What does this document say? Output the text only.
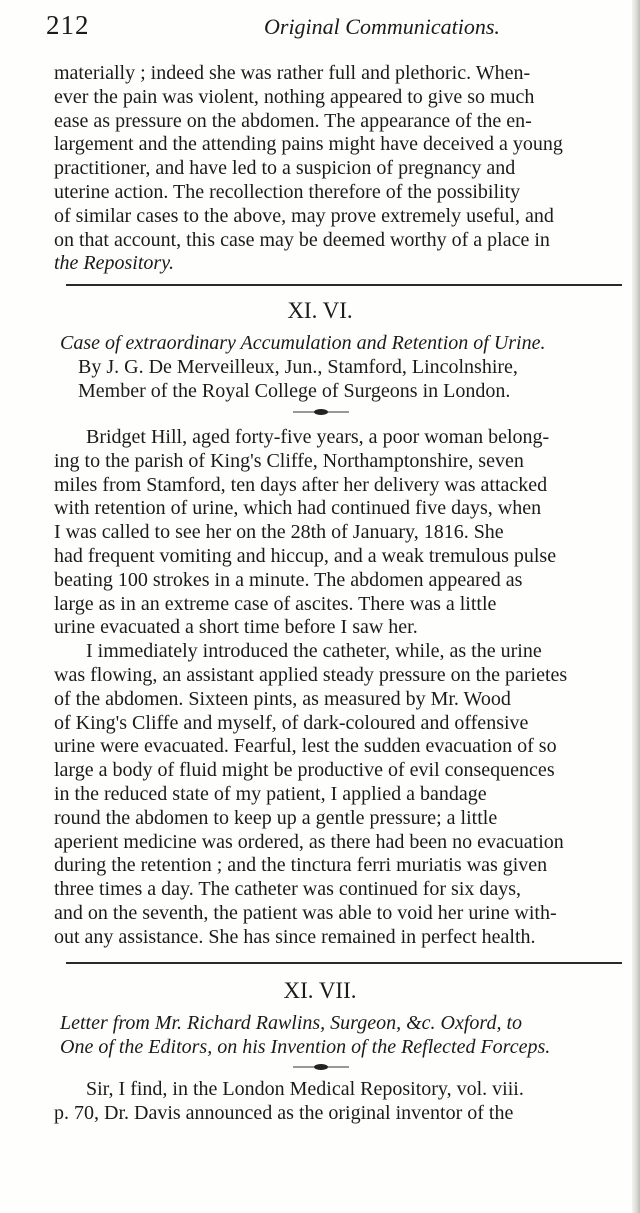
212	Original Communications.

materially ; indeed she was rather full and plethoric. When-

ever the pain was violent, nothing appeared to give so much

ease as pressure on the abdomen. The appearance of the en-

largement and the attending pains might have deceived a young

practitioner, and have led to a suspicion of pregnancy and

uterine action. The recollection therefore of the possibility

of similar cases to the above, may prove extremely useful, and

on that account, this case may be deemed worthy of a place in

the Repository.

XI. VI.

Case of extraordinary Accumulation and Retention of Urine.

By J. G. De Merveilleux, Jun., Stamford, Lincolnshire,

Member of the Royal College of Surgeons in London.

Bridget Hill, aged forty-five years, a poor woman belong-

ing to the parish of King's Cliffe, Northamptonshire, seven

miles from Stamford, ten days after her delivery was attacked

with retention of urine, which had continued five days, when

I was called to see her on the 28th of January, 1816. She

had frequent vomiting and hiccup, and a weak tremulous pulse

beating 100 strokes in a minute. The abdomen appeared as

large as in an extreme case of ascites. There was a little

urine evacuated a short time before I saw her.

I immediately introduced the catheter, while, as the urine

was flowing, an assistant applied steady pressure on the parietes

of the abdomen. Sixteen pints, as measured by Mr. Wood

of King's Cliffe and myself, of dark-coloured and offensive

urine were evacuated. Fearful, lest the sudden evacuation of so

large a body of fluid might be productive of evil consequences

in the reduced state of my patient, I applied a bandage

round the abdomen to keep up a gentle pressure; a little

aperient medicine was ordered, as there had been no evacuation

during the retention ; and the tinctura ferri muriatis was given

three times a day. The catheter was continued for six days,

and on the seventh, the patient was able to void her urine with-

out any assistance. She has since remained in perfect health.

XI. VII.

Letter from Mr. Richard Rawlins, Surgeon, &c. Oxford, to

One of the Editors, on his Invention of the Reflected Forceps.

Sir, I find, in the London Medical Repository, vol. viii.

p. 70, Dr. Davis announced as the original inventor of the
